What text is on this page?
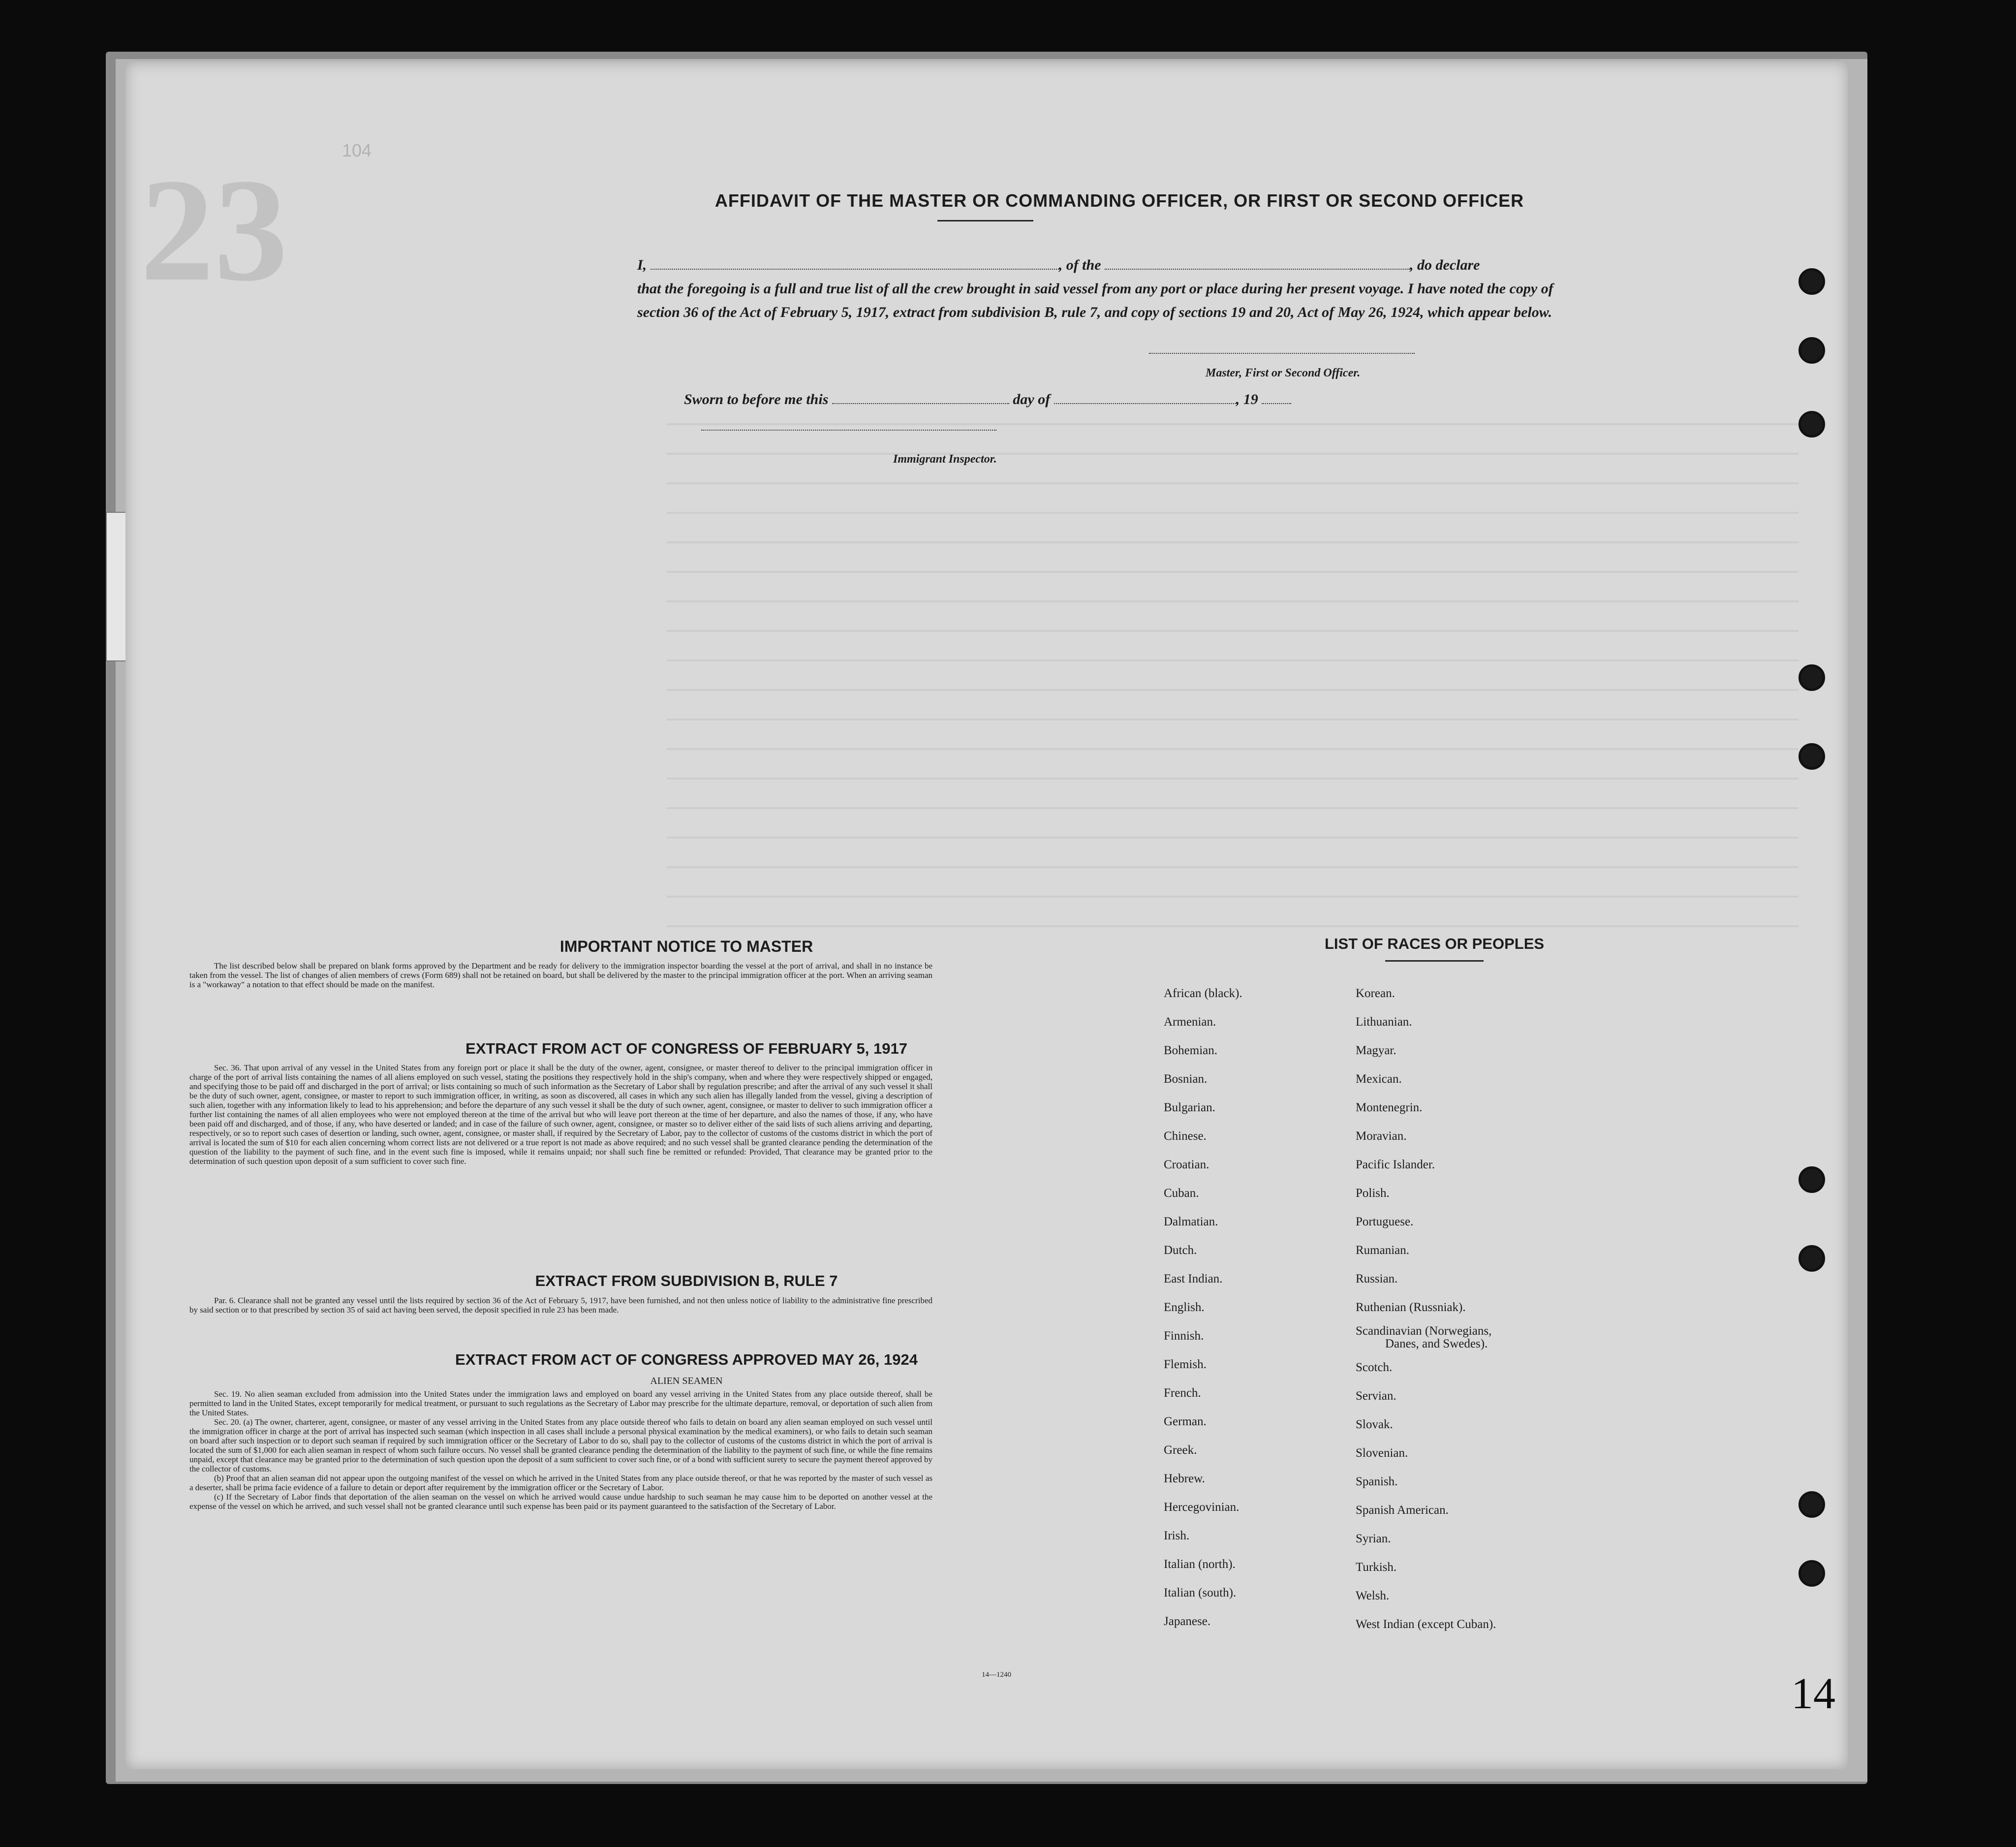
23	104
AFFIDAVIT OF THE MASTER OR COMMANDING OFFICER, OR FIRST OR SECOND OFFICER
I,	, of the	, do declare
that the foregoing is a full and true list of all the crew brought in said vessel from any port or place during her present voyage. I have noted the copy of section 36 of the Act of February 5, 1917, extract from subdivision B, rule 7, and copy of sections 19 and 20, Act of May 26, 1924, which appear below.
Master, First or Second Officer.
Sworn to before me this	day of	, 19
Immigrant Inspector.
IMPORTANT NOTICE TO MASTER

The list described below shall be prepared on blank forms approved by the Department and be ready for delivery to the immigration inspector boarding the vessel at the port of arrival, and shall in no instance be taken from the vessel. The list of changes of alien members of crews (Form 689) shall not be retained on board, but shall be delivered by the master to the principal immigration officer at the port. When an arriving seaman is a "workaway" a notation to that effect should be made on the manifest.

EXTRACT FROM ACT OF CONGRESS OF FEBRUARY 5, 1917

Sec. 36. That upon arrival of any vessel in the United States from any foreign port or place it shall be the duty of the owner, agent, consignee, or master thereof to deliver to the principal immigration officer in charge of the port of arrival lists containing the names of all aliens employed on such vessel, stating the positions they respectively hold in the ship's company, when and where they were respectively shipped or engaged, and specifying those to be paid off and discharged in the port of arrival; or lists containing so much of such information as the Secretary of Labor shall by regulation prescribe; and after the arrival of any such vessel it shall be the duty of such owner, agent, consignee, or master to report to such immigration officer, in writing, as soon as discovered, all cases in which any such alien has illegally landed from the vessel, giving a description of such alien, together with any information likely to lead to his apprehension; and before the departure of any such vessel it shall be the duty of such owner, agent, consignee, or master to deliver to such immigration officer a further list containing the names of all alien employees who were not employed thereon at the time of the arrival but who will leave port thereon at the time of her departure, and also the names of those, if any, who have been paid off and discharged, and of those, if any, who have deserted or landed; and in case of the failure of such owner, agent, consignee, or master so to deliver either of the said lists of such aliens arriving and departing, respectively, or so to report such cases of desertion or landing, such owner, agent, consignee, or master shall, if required by the Secretary of Labor, pay to the collector of customs of the customs district in which the port of arrival is located the sum of $10 for each alien concerning whom correct lists are not delivered or a true report is not made as above required; and no such vessel shall be granted clearance pending the determination of the question of the liability to the payment of such fine, and in the event such fine is imposed, while it remains unpaid; nor shall such fine be remitted or refunded: Provided, That clearance may be granted prior to the determination of such question upon deposit of a sum sufficient to cover such fine.

EXTRACT FROM SUBDIVISION B, RULE 7

Par. 6. Clearance shall not be granted any vessel until the lists required by section 36 of the Act of February 5, 1917, have been furnished, and not then unless notice of liability to the administrative fine prescribed by said section or to that prescribed by section 35 of said act having been served, the deposit specified in rule 23 has been made.

EXTRACT FROM ACT OF CONGRESS APPROVED MAY 26, 1924
ALIEN SEAMEN

Sec. 19. No alien seaman excluded from admission into the United States under the immigration laws and employed on board any vessel arriving in the United States from any place outside thereof, shall be permitted to land in the United States, except temporarily for medical treatment, or pursuant to such regulations as the Secretary of Labor may prescribe for the ultimate departure, removal, or deportation of such alien from the United States.

Sec. 20. (a) The owner, charterer, agent, consignee, or master of any vessel arriving in the United States from any place outside thereof who fails to detain on board any alien seaman employed on such vessel until the immigration officer in charge at the port of arrival has inspected such seaman (which inspection in all cases shall include a personal physical examination by the medical examiners), or who fails to detain such seaman on board after such inspection or to deport such seaman if required by such immigration officer or the Secretary of Labor to do so, shall pay to the collector of customs of the customs district in which the port of arrival is located the sum of $1,000 for each alien seaman in respect of whom such failure occurs. No vessel shall be granted clearance pending the determination of the liability to the payment of such fine, or while the fine remains unpaid, except that clearance may be granted prior to the determination of such question upon the deposit of a sum sufficient to cover such fine, or of a bond with sufficient surety to secure the payment thereof approved by the collector of customs.

(b) Proof that an alien seaman did not appear upon the outgoing manifest of the vessel on which he arrived in the United States from any place outside thereof, or that he was reported by the master of such vessel as a deserter, shall be prima facie evidence of a failure to detain or deport after requirement by the immigration officer or the Secretary of Labor.

(c) If the Secretary of Labor finds that deportation of the alien seaman on the vessel on which he arrived would cause undue hardship to such seaman he may cause him to be deported on another vessel at the expense of the vessel on which he arrived, and such vessel shall not be granted clearance until such expense has been paid or its payment guaranteed to the satisfaction of the Secretary of Labor.

14—1240
LIST OF RACES OR PEOPLES
African (black).
Armenian.
Bohemian.
Bosnian.
Bulgarian.
Chinese.
Croatian.
Cuban.
Dalmatian.
Dutch.
East Indian.
English.
Finnish.
Flemish.
French.
German.
Greek.
Hebrew.
Hercegovinian.
Irish.
Italian (north).
Italian (south).
Japanese.
Korean.
Lithuanian.
Magyar.
Mexican.
Montenegrin.
Moravian.
Pacific Islander.
Polish.
Portuguese.
Rumanian.
Russian.
Ruthenian (Russniak).
Scandinavian (Norwegians,
Danes, and Swedes).
Scotch.
Servian.
Slovak.
Slovenian.
Spanish.
Spanish American.
Syrian.
Turkish.
Welsh.
West Indian (except Cuban).
14
